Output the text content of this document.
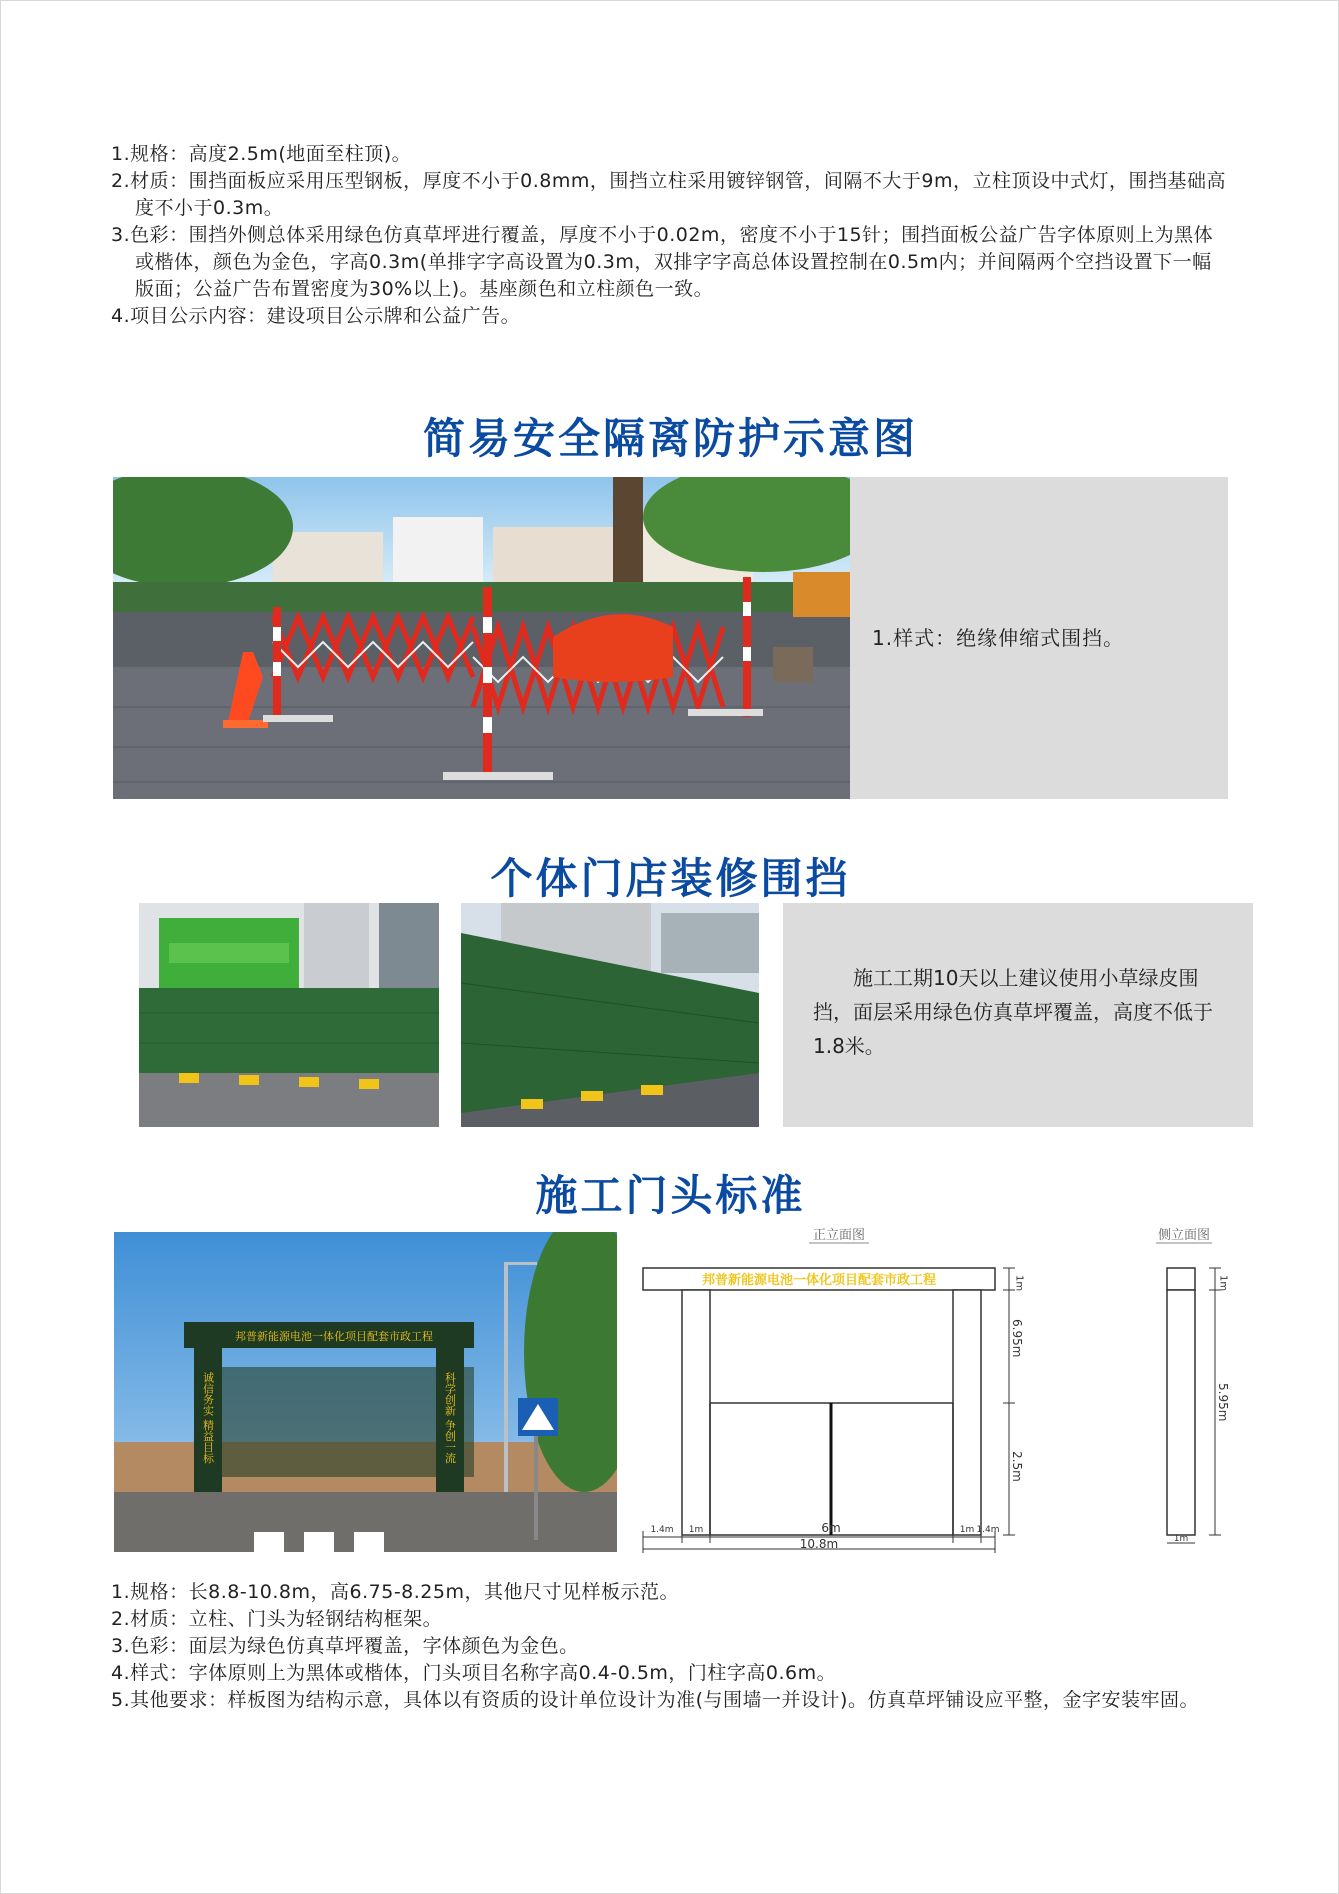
1.规格：高度2.5m(地面至柱顶)。
2.材质：围挡面板应采用压型钢板，厚度不小于0.8mm，围挡立柱采用镀锌钢管，间隔不大于9m，立柱顶设中式灯，围挡基础高度不小于0.3m。
3.色彩：围挡外侧总体采用绿色仿真草坪进行覆盖，厚度不小于0.02m，密度不小于15针；围挡面板公益广告字体原则上为黑体或楷体，颜色为金色，字高0.3m(单排字字高设置为0.3m，双排字字高总体设置控制在0.5m内；并间隔两个空挡设置下一幅版面；公益广告布置密度为30%以上)。基座颜色和立柱颜色一致。
4.项目公示内容：建设项目公示牌和公益广告。
简易安全隔离防护示意图
1.样式：绝缘伸缩式围挡。
个体门店装修围挡
施工工期10天以上建议使用小草绿皮围挡，面层采用绿色仿真草坪覆盖，高度不低于1.8米。
施工门头标准
邦普新能源电池一体化项目配套市政工程
诚信务实 精益目标	科学创新 争创一流
正立面图	侧立面图
邦普新能源电池一体化项目配套市政工程	1m
6.95m
2.5m
1.4m 1m	6m	1m 1.4m
10.8m
1m
5.95m
1m
1.规格：长8.8-10.8m，高6.75-8.25m，其他尺寸见样板示范。
2.材质：立柱、门头为轻钢结构框架。
3.色彩：面层为绿色仿真草坪覆盖，字体颜色为金色。
4.样式：字体原则上为黑体或楷体，门头项目名称字高0.4-0.5m，门柱字高0.6m。
5.其他要求：样板图为结构示意，具体以有资质的设计单位设计为准(与围墙一并设计)。仿真草坪铺设应平整，金字安装牢固。
